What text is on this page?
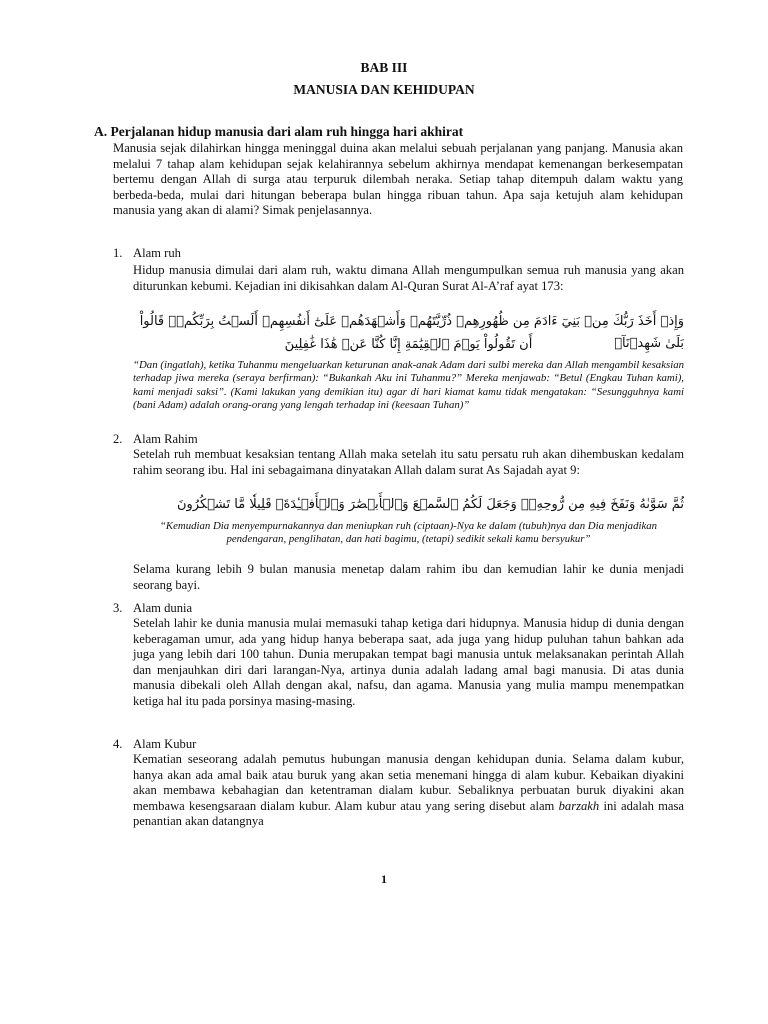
BAB III
MANUSIA DAN KEHIDUPAN
A. Perjalanan hidup manusia dari alam ruh hingga hari akhirat
Manusia sejak dilahirkan hingga meninggal duina akan melalui sebuah perjalanan yang panjang. Manusia akan melalui 7 tahap alam kehidupan sejak kelahirannya sebelum akhirnya mendapat kemenangan berkesempatan bertemu dengan Allah di surga atau terpuruk dilembah neraka. Setiap tahap ditempuh dalam waktu yang berbeda-beda, mulai dari hitungan beberapa bulan hingga ribuan tahun. Apa saja ketujuh alam kehidupan manusia yang akan di alami? Simak penjelasannya.
1. Alam ruh
Hidup manusia dimulai dari alam ruh, waktu dimana Allah mengumpulkan semua ruh manusia yang akan diturunkan kebumi. Kejadian ini dikisahkan dalam Al-Quran Surat Al-A’raf ayat 173:
وَإِذۡ أَخَذَ رَبُّكَ مِنۢ بَنِيٓ ءَادَمَ مِن ظُهُورِهِمۡ ذُرِّيَّتَهُمۡ وَأَشۡهَدَهُمۡ عَلَىٰٓ أَنفُسِهِمۡ أَلَسۡتُ بِرَبِّكُمۡۖ قَالُواْ بَلَىٰ شَهِدۡنَآۚ
أَن تَقُولُواْ يَوۡمَ ٱلۡقِيَٰمَةِ إِنَّا كُنَّا عَنۡ هَٰذَا غَٰفِلِينَ
“Dan (ingatlah), ketika Tuhanmu mengeluarkan keturunan anak-anak Adam dari sulbi mereka dan Allah mengambil kesaksian terhadap jiwa mereka (seraya berfirman): “Bukankah Aku ini Tuhanmu?” Mereka menjawab: “Betul (Engkau Tuhan kami), kami menjadi saksi”. (Kami lakukan yang demikian itu) agar di hari kiamat kamu tidak mengatakan: “Sesungguhnya kami (bani Adam) adalah orang-orang yang lengah terhadap ini (keesaan Tuhan)”
2. Alam Rahim
Setelah ruh membuat kesaksian tentang Allah maka setelah itu satu persatu ruh akan dihembuskan kedalam rahim seorang ibu. Hal ini sebagaimana dinyatakan Allah dalam surat As Sajadah ayat 9:
ثُمَّ سَوَّىٰهُ وَنَفَخَ فِيهِ مِن رُّوحِهِۦۖ وَجَعَلَ لَكُمُ ٱلسَّمۡعَ وَٱلۡأَبۡصَٰرَ وَٱلۡأَفۡـِٔدَةَۚ قَلِيلٗا مَّا تَشۡكُرُونَ
“Kemudian Dia menyempurnakannya dan meniupkan ruh (ciptaan)-Nya ke dalam (tubuh)nya dan Dia menjadikan pendengaran, penglihatan, dan hati bagimu, (tetapi) sedikit sekali kamu bersyukur”
Selama kurang lebih 9 bulan manusia menetap dalam rahim ibu dan kemudian lahir ke dunia menjadi seorang bayi.
3. Alam dunia
Setelah lahir ke dunia manusia mulai memasuki tahap ketiga dari hidupnya. Manusia hidup di dunia dengan keberagaman umur, ada yang hidup hanya beberapa saat, ada juga yang hidup puluhan tahun bahkan ada juga yang lebih dari 100 tahun. Dunia merupakan tempat bagi manusia untuk melaksanakan perintah Allah dan menjauhkan diri dari larangan-Nya, artinya dunia adalah ladang amal bagi manusia. Di atas dunia manusia dibekali oleh Allah dengan akal, nafsu, dan agama. Manusia yang mulia mampu menempatkan ketiga hal itu pada porsinya masing-masing.
4. Alam Kubur
Kematian seseorang adalah pemutus hubungan manusia dengan kehidupan dunia. Selama dalam kubur, hanya akan ada amal baik atau buruk yang akan setia menemani hingga di alam kubur. Kebaikan diyakini akan membawa kebahagian dan ketentraman dialam kubur. Sebaliknya perbuatan buruk diyakini akan membawa kesengsaraan dialam kubur. Alam kubur atau yang sering disebut alam barzakh ini adalah masa penantian akan datangnya
1
